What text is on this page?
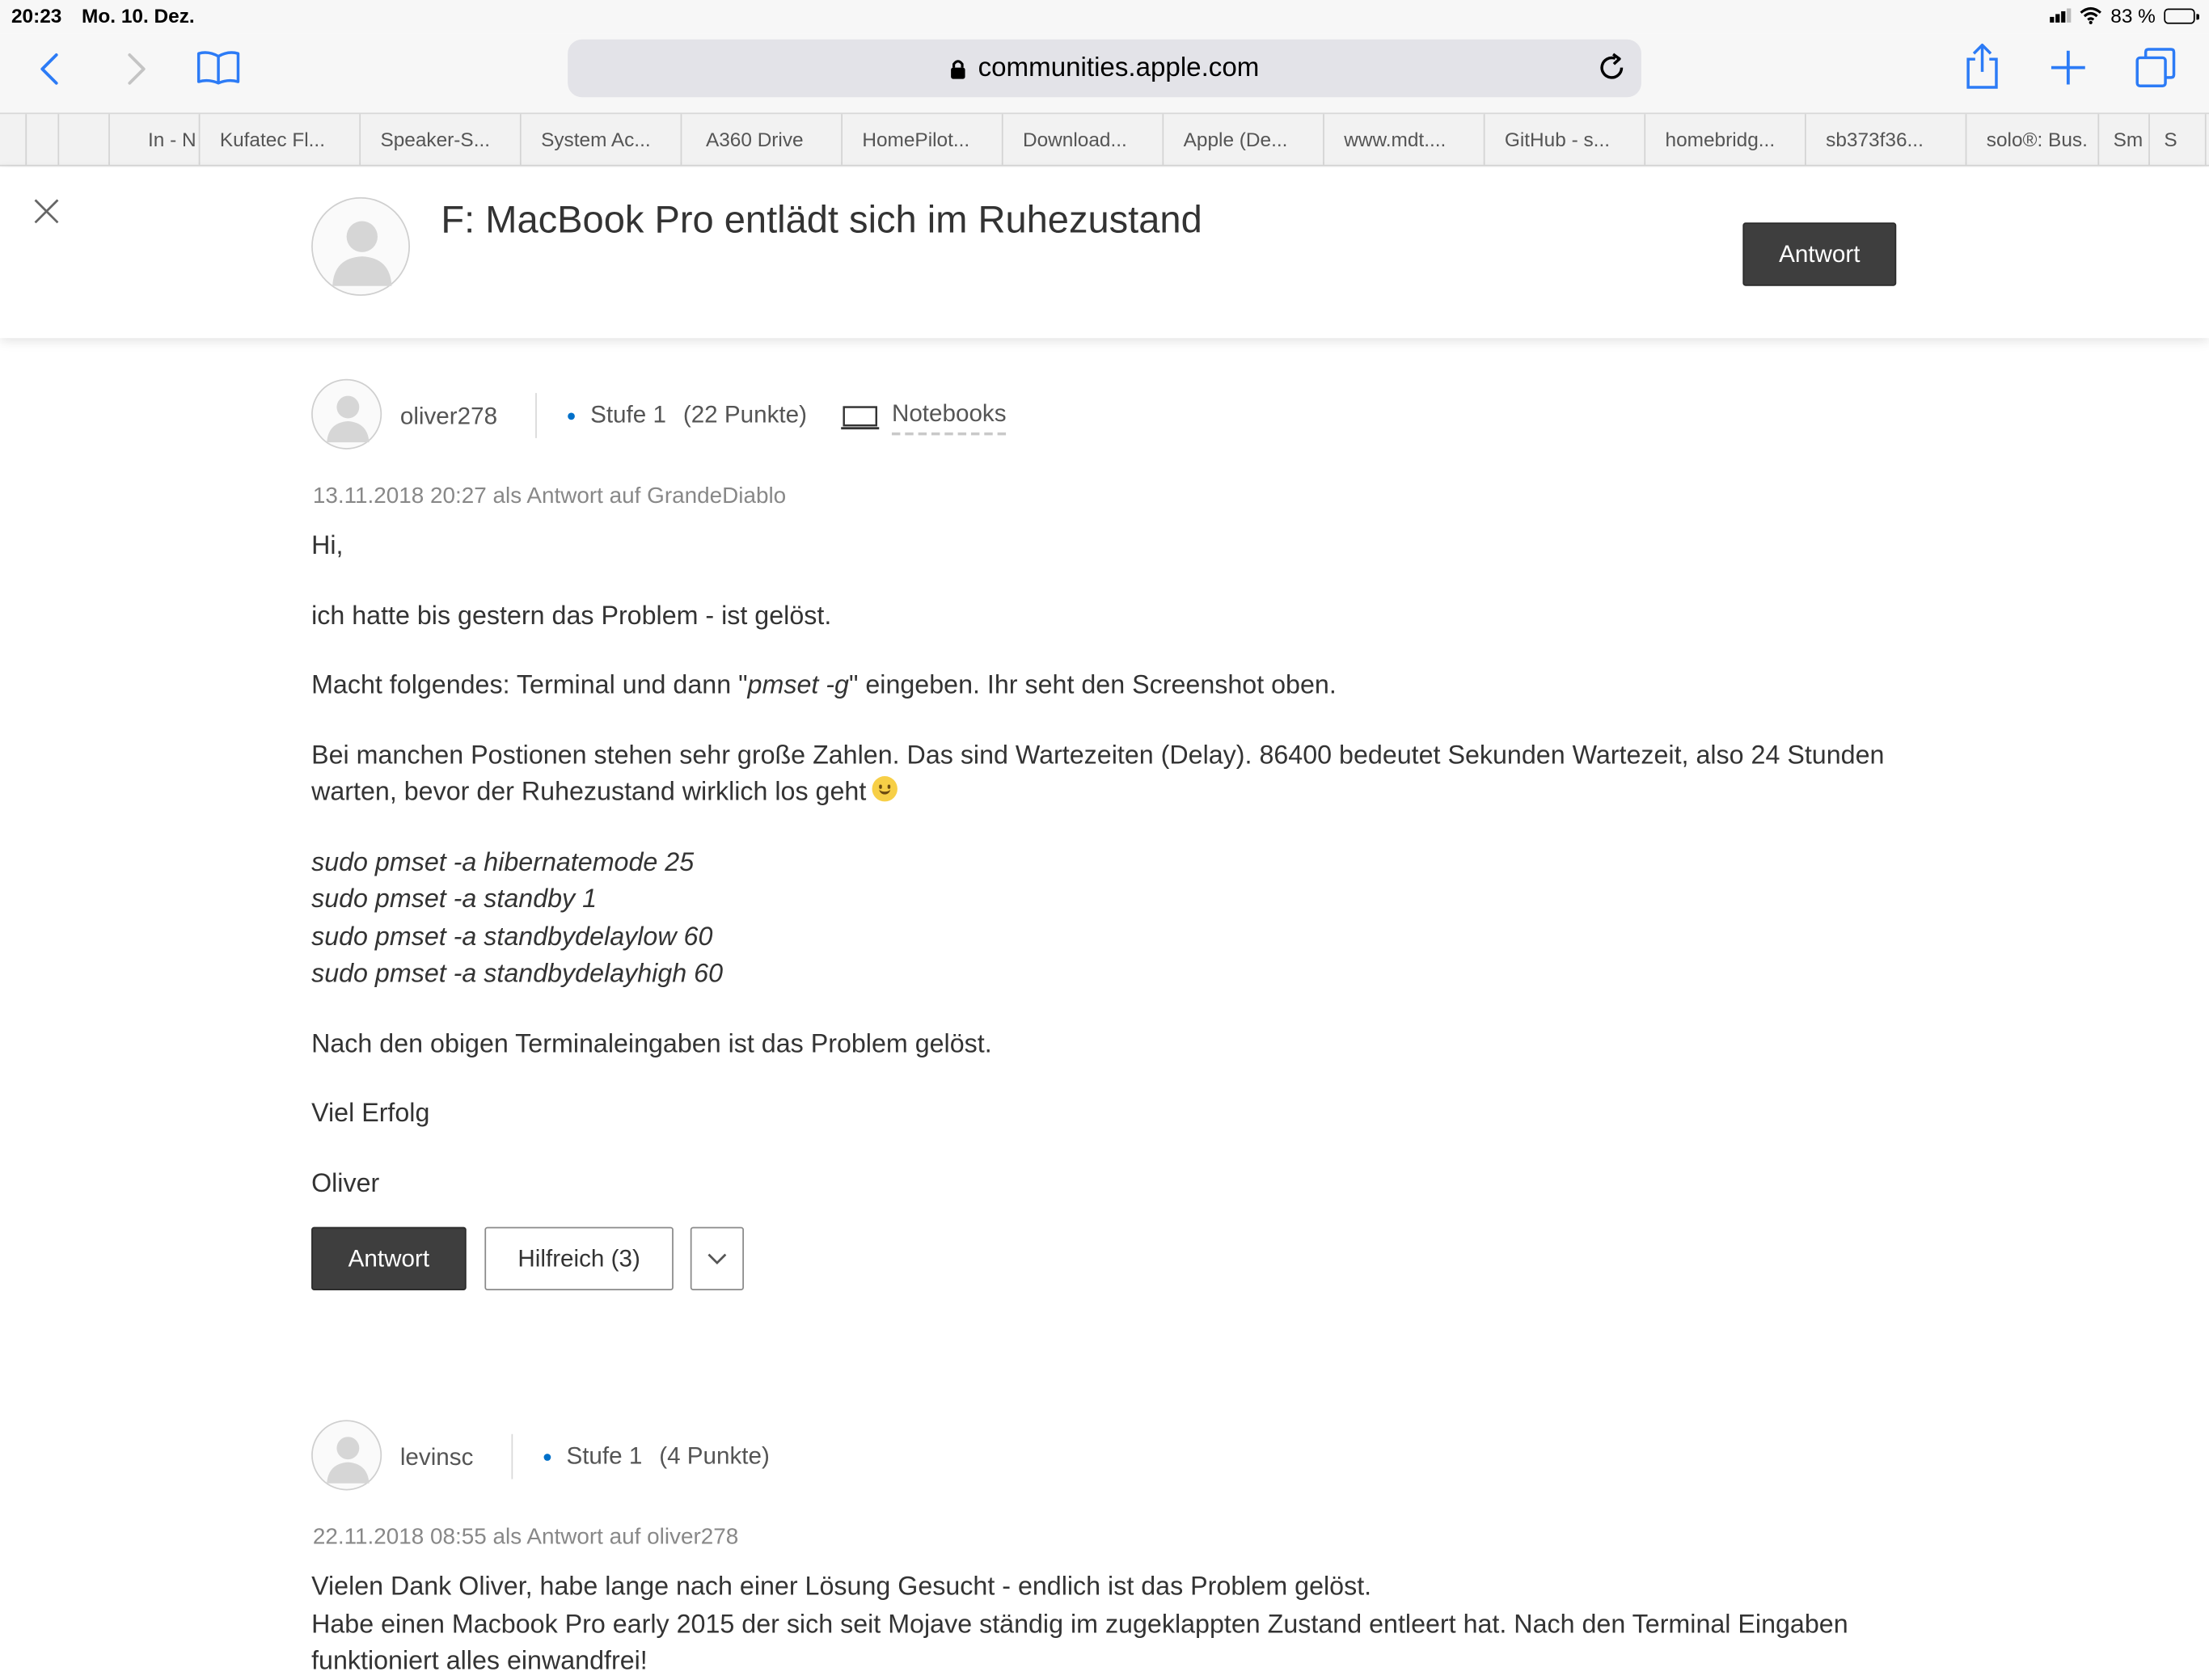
20:23 Mo. 10. Dez.	83 %
communities.apple.com
In - N	Kufatec Fl...	Speaker-S...	System Ac...	A360 Drive	HomePilot...	Download...	Apple (De...	www.mdt....	GitHub - s...	homebridg...	sb373f36...	solo®: Bus.	Sm	S
F: MacBook Pro entlädt sich im Ruhezustand
Antwort
oliver278	Stufe 1 (22 Punkte)	Notebooks
13.11.2018 20:27 als Antwort auf GrandeDiablo

Hi,

ich hatte bis gestern das Problem - ist gelöst.

Macht folgendes: Terminal und dann "pmset -g" eingeben. Ihr seht den Screenshot oben.

Bei manchen Postionen stehen sehr große Zahlen. Das sind Wartezeiten (Delay). 86400 bedeutet Sekunden Wartezeit, also 24 Stunden warten, bevor der Ruhezustand wirklich los geht

sudo pmset -a hibernatemode 25

sudo pmset -a standby 1

sudo pmset -a standbydelaylow 60

sudo pmset -a standbydelayhigh 60

Nach den obigen Terminaleingaben ist das Problem gelöst.

Viel Erfolg

Oliver

Antwort	Hilfreich (3)
levinsc	Stufe 1 (4 Punkte)
22.11.2018 08:55 als Antwort auf oliver278
Vielen Dank Oliver, habe lange nach einer Lösung Gesucht - endlich ist das Problem gelöst.
Habe einen Macbook Pro early 2015 der sich seit Mojave ständig im zugeklappten Zustand entleert hat. Nach den Terminal Eingaben
funktioniert alles einwandfrei!
